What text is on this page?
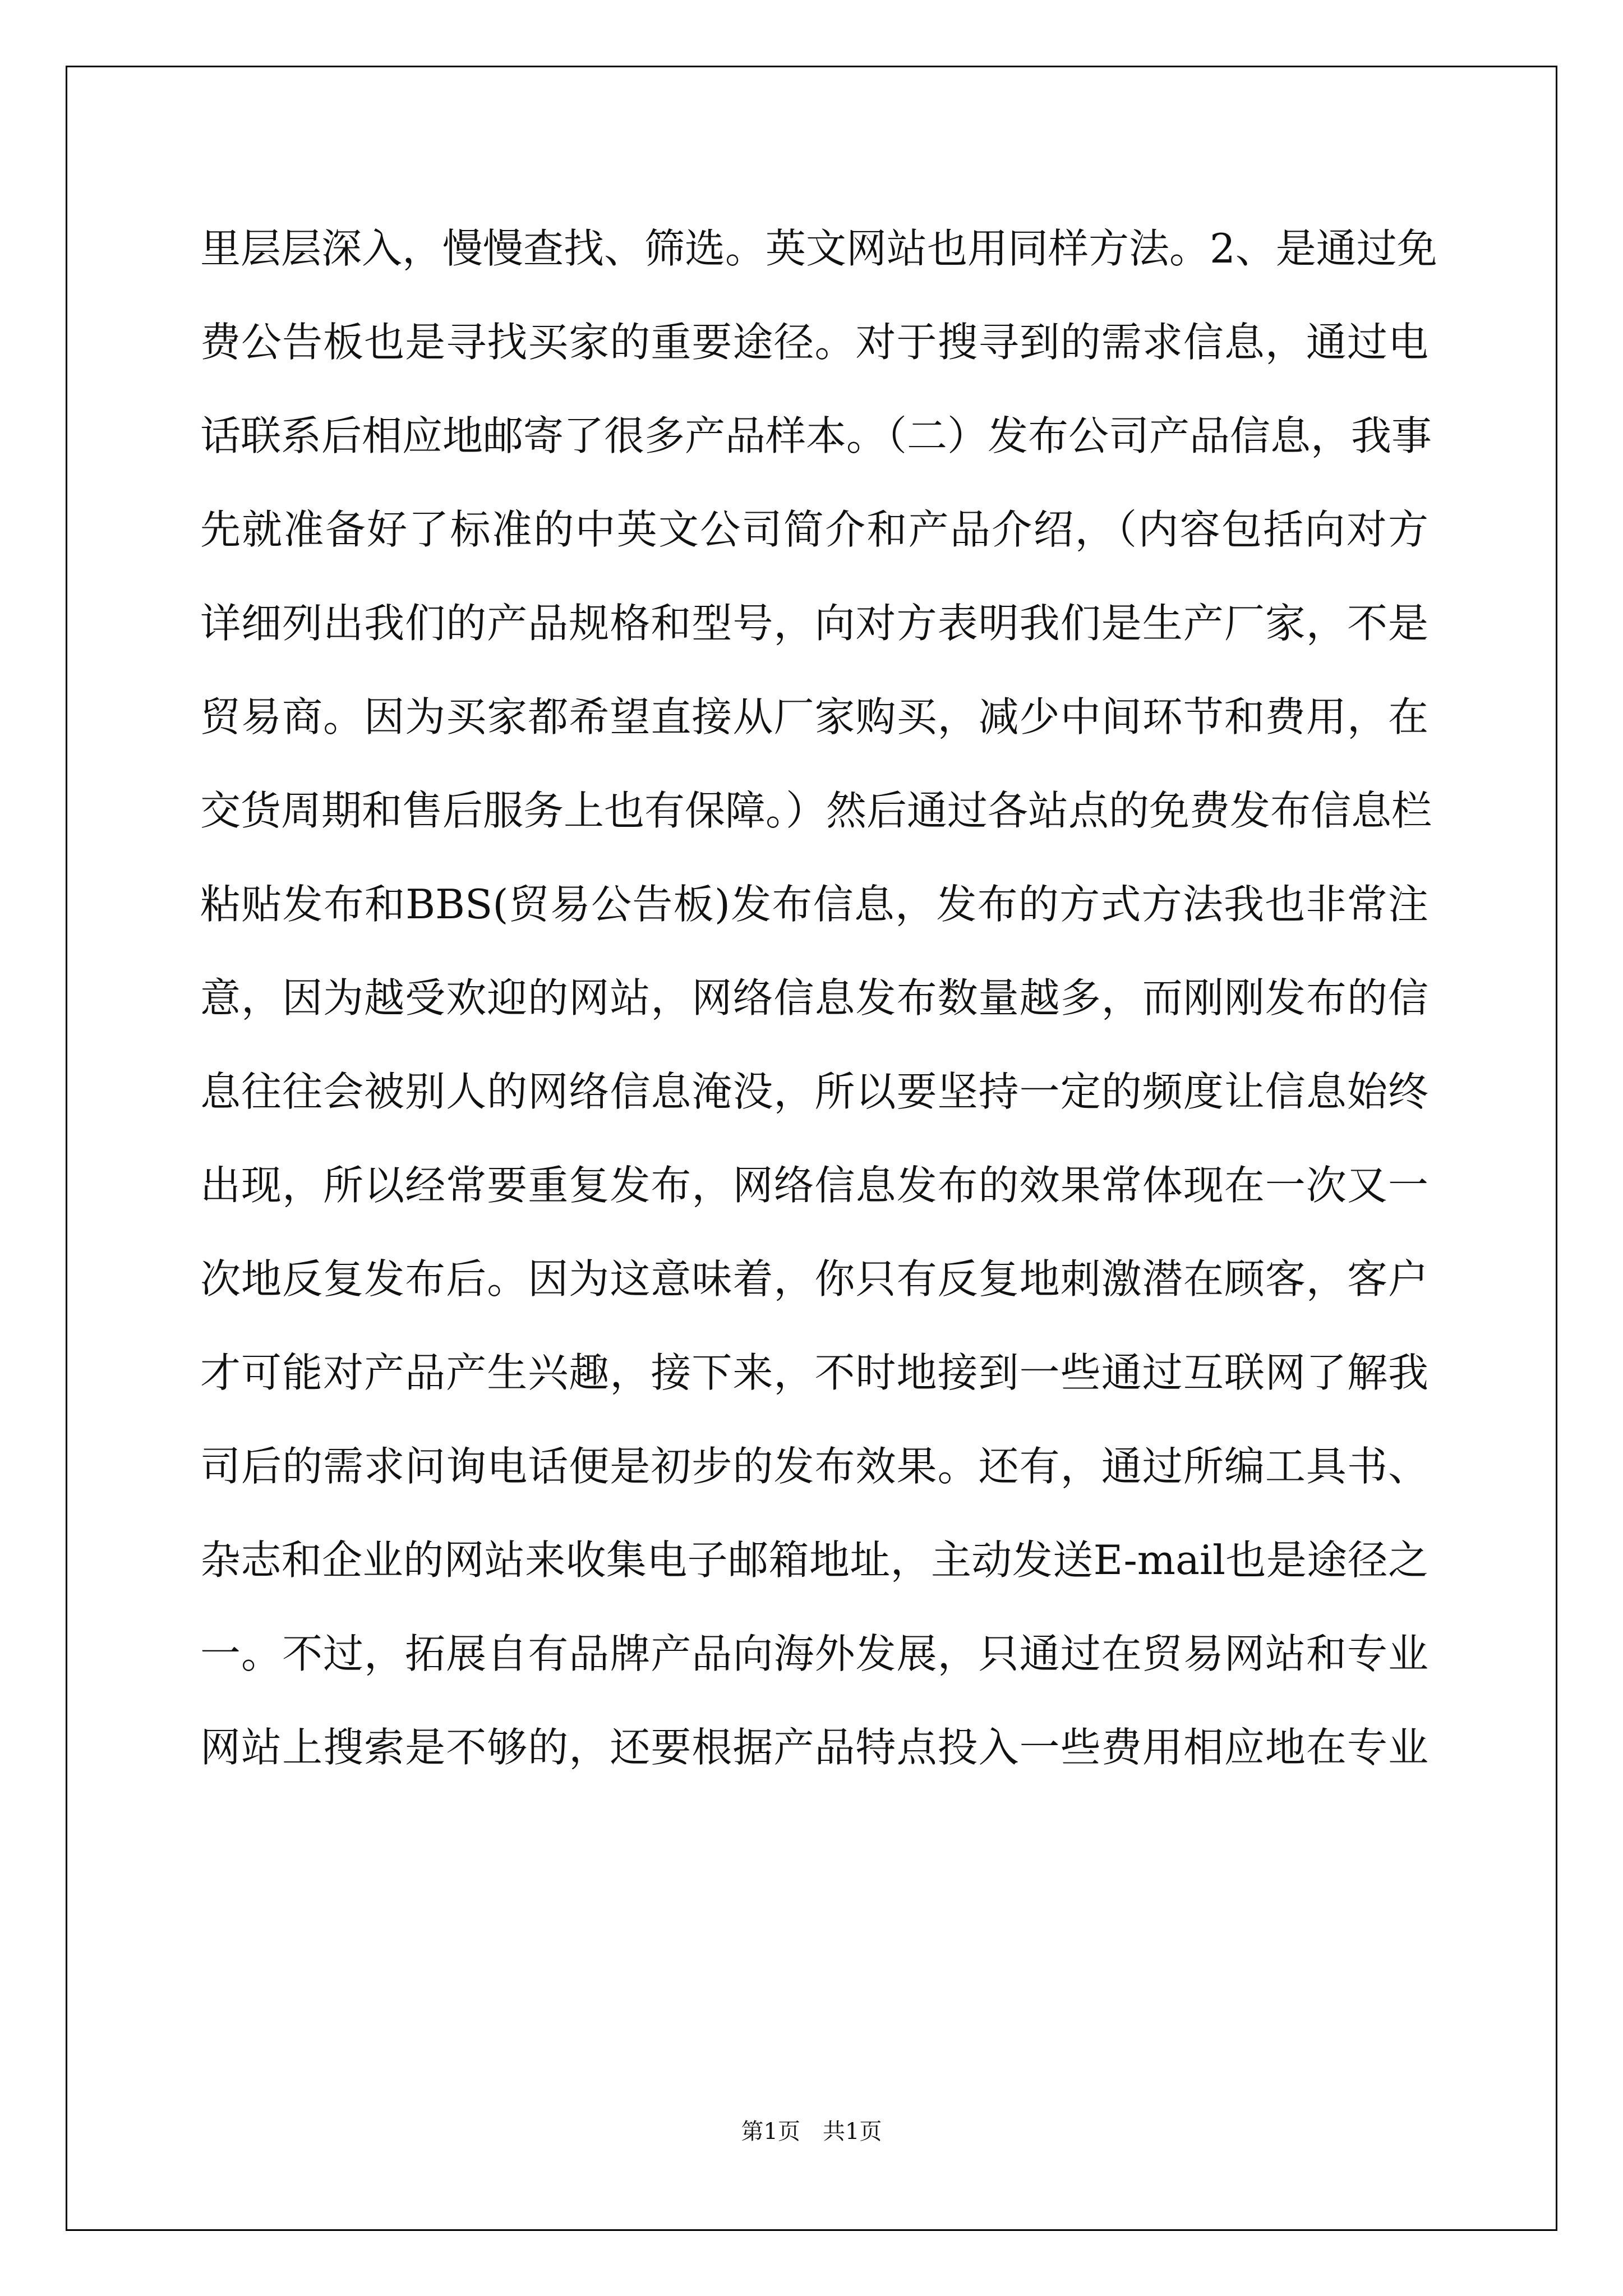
里层层深入，慢慢查找、筛选。英文网站也用同样方法。2、是通过免
费公告板也是寻找买家的重要途径。对于搜寻到的需求信息，通过电
话联系后相应地邮寄了很多产品样本。（二）发布公司产品信息，我事
先就准备好了标准的中英文公司简介和产品介绍，（内容包括向对方
详细列出我们的产品规格和型号，向对方表明我们是生产厂家，不是
贸易商。因为买家都希望直接从厂家购买，减少中间环节和费用，在
交货周期和售后服务上也有保障。）然后通过各站点的免费发布信息栏
粘贴发布和BBS(贸易公告板)发布信息，发布的方式方法我也非常注
意，因为越受欢迎的网站，网络信息发布数量越多，而刚刚发布的信
息往往会被别人的网络信息淹没，所以要坚持一定的频度让信息始终
出现，所以经常要重复发布，网络信息发布的效果常体现在一次又一
次地反复发布后。因为这意味着，你只有反复地刺激潜在顾客，客户
才可能对产品产生兴趣，接下来，不时地接到一些通过互联网了解我
司后的需求问询电话便是初步的发布效果。还有，通过所编工具书、
杂志和企业的网站来收集电子邮箱地址，主动发送E-mail也是途径之
一。不过，拓展自有品牌产品向海外发展，只通过在贸易网站和专业
网站上搜索是不够的，还要根据产品特点投入一些费用相应地在专业
第1页 共1页
